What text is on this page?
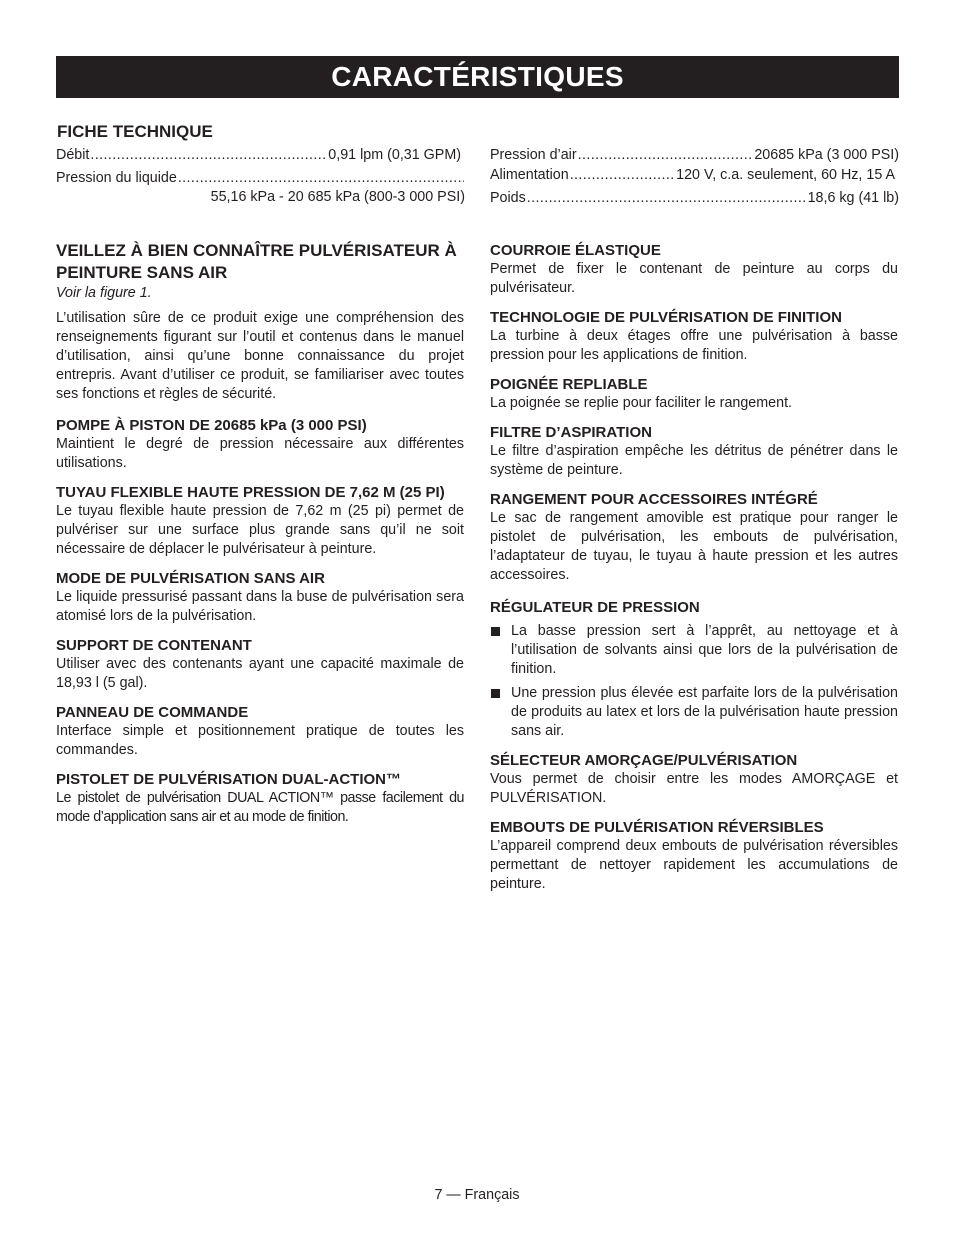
CARACTÉRISTIQUES
FICHE TECHNIQUE
Débit .....	0,91 lpm (0,31 GPM)
Pression du liquide
.....
55,16 kPa - 20 685 kPa (800-3 000 PSI)
Pression d’air .....	20685 kPa (3 000 PSI)
Alimentation .....	120 V, c.a. seulement, 60 Hz, 15 A
Poids .....	18,6 kg (41 lb)
VEILLEZ À BIEN CONNAÎTRE PULVÉRISATEUR À PEINTURE SANS AIR
Voir la figure 1.

L’utilisation sûre de ce produit exige une compréhension des renseignements figurant sur l’outil et contenus dans le manuel d’utilisation, ainsi qu’une bonne connaissance du projet entrepris. Avant d’utiliser ce produit, se familiariser avec toutes ses fonctions et règles de sécurité.

POMPE À PISTON DE 20685 kPa (3 000 PSI)

Maintient le degré de pression nécessaire aux différentes utilisations.

TUYAU FLEXIBLE HAUTE PRESSION DE 7,62 M (25 PI)

Le tuyau flexible haute pression de 7,62 m (25 pi) permet de pulvériser sur une surface plus grande sans qu’il ne soit nécessaire de déplacer le pulvérisateur à peinture.

MODE DE PULVÉRISATION SANS AIR

Le liquide pressurisé passant dans la buse de pulvérisation sera atomisé lors de la pulvérisation.

SUPPORT DE CONTENANT

Utiliser avec des contenants ayant une capacité maximale de 18,93 l (5 gal).

PANNEAU DE COMMANDE

Interface simple et positionnement pratique de toutes les commandes.

PISTOLET DE PULVÉRISATION DUAL-ACTION™

Le pistolet de pulvérisation DUAL ACTION™ passe facilement du mode d’application sans air et au mode de finition.

COURROIE ÉLASTIQUE

Permet de fixer le contenant de peinture au corps du pulvérisateur.

TECHNOLOGIE DE PULVÉRISATION DE FINITION

La turbine à deux étages offre une pulvérisation à basse pression pour les applications de finition.

POIGNÉE REPLIABLE

La poignée se replie pour faciliter le rangement.

FILTRE D’ASPIRATION

Le filtre d’aspiration empêche les détritus de pénétrer dans le système de peinture.

RANGEMENT POUR ACCESSOIRES INTÉGRÉ

Le sac de rangement amovible est pratique pour ranger le pistolet de pulvérisation, les embouts de pulvérisation, l’adaptateur de tuyau, le tuyau à haute pression et les autres accessoires.

RÉGULATEUR DE PRESSION
La basse pression sert à l’apprêt, au nettoyage et à l’utilisation de solvants ainsi que lors de la pulvérisation de finition.
Une pression plus élevée est parfaite lors de la pulvérisation de produits au latex et lors de la pulvérisation haute pression sans air.
SÉLECTEUR AMORÇAGE/PULVÉRISATION

Vous permet de choisir entre les modes AMORÇAGE et PULVÉRISATION.

EMBOUTS DE PULVÉRISATION RÉVERSIBLES

L’appareil comprend deux embouts de pulvérisation réversibles permettant de nettoyer rapidement les accumulations de peinture.

7 — Français
